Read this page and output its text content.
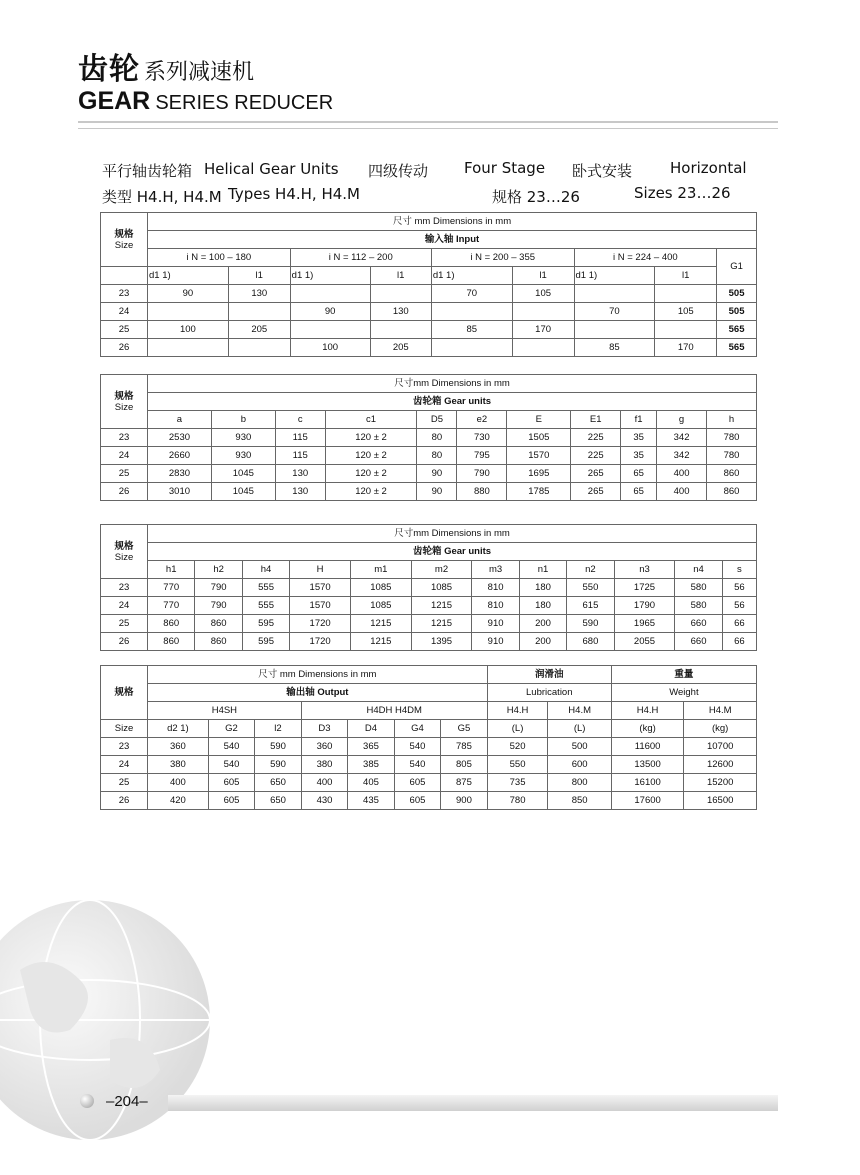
齿轮 系列减速机
GEAR SERIES REDUCER
平行轴齿轮箱 Helical Gear Units 四级传动 Four Stage 卧式安装	Horizontal
类型 H4.H, H4.M Types H4.H, H4.M	规格 23…26	Sizes 23…26
规格
Size	尺寸 mm Dimensions in mm								
	输入轴 Input								
	i N = 100 – 180		i N = 112 – 200		i N = 200 – 355		i N = 224 – 400		G1
	d1 1)	l1	d1 1)	l1	d1 1)	l1	d1 1)	l1	
23	90	130			70	105			505
24			90	130			70	105	505
25	100	205			85	170			565
26			100	205			85	170	565
规格
Size	尺寸mm Dimensions in mm										
	齿轮箱 Gear units										
	a	b	c	c1	D5	e2	E	E1	f1	g	h
23	2530	930	115	120 ± 2	80	730	1505	225	35	342	780
24	2660	930	115	120 ± 2	80	795	1570	225	35	342	780
25	2830	1045	130	120 ± 2	90	790	1695	265	65	400	860
26	3010	1045	130	120 ± 2	90	880	1785	265	65	400	860
规格
Size	尺寸mm Dimensions in mm											
	齿轮箱 Gear units											
	h1	h2	h4	H	m1	m2	m3	n1	n2	n3	n4	s
23	770	790	555	1570	1085	1085	810	180	550	1725	580	56
24	770	790	555	1570	1085	1215	810	180	615	1790	580	56
25	860	860	595	1720	1215	1215	910	200	590	1965	660	66
26	860	860	595	1720	1215	1395	910	200	680	2055	660	66
规格	尺寸 mm Dimensions in mm							润滑油		重量	
	输出轴 Output							Lubrication		Weight	
	H4SH			H4DH H4DM				H4.H	H4.M	H4.H	H4.M
Size	d2 1)	G2	l2	D3	D4	G4	G5	(L)	(L)	(kg)	(kg)
23	360	540	590	360	365	540	785	520	500	11600	10700
24	380	540	590	380	385	540	805	550	600	13500	12600
25	400	605	650	400	405	605	875	735	800	16100	15200
26	420	605	650	430	435	605	900	780	850	17600	16500
–204–
